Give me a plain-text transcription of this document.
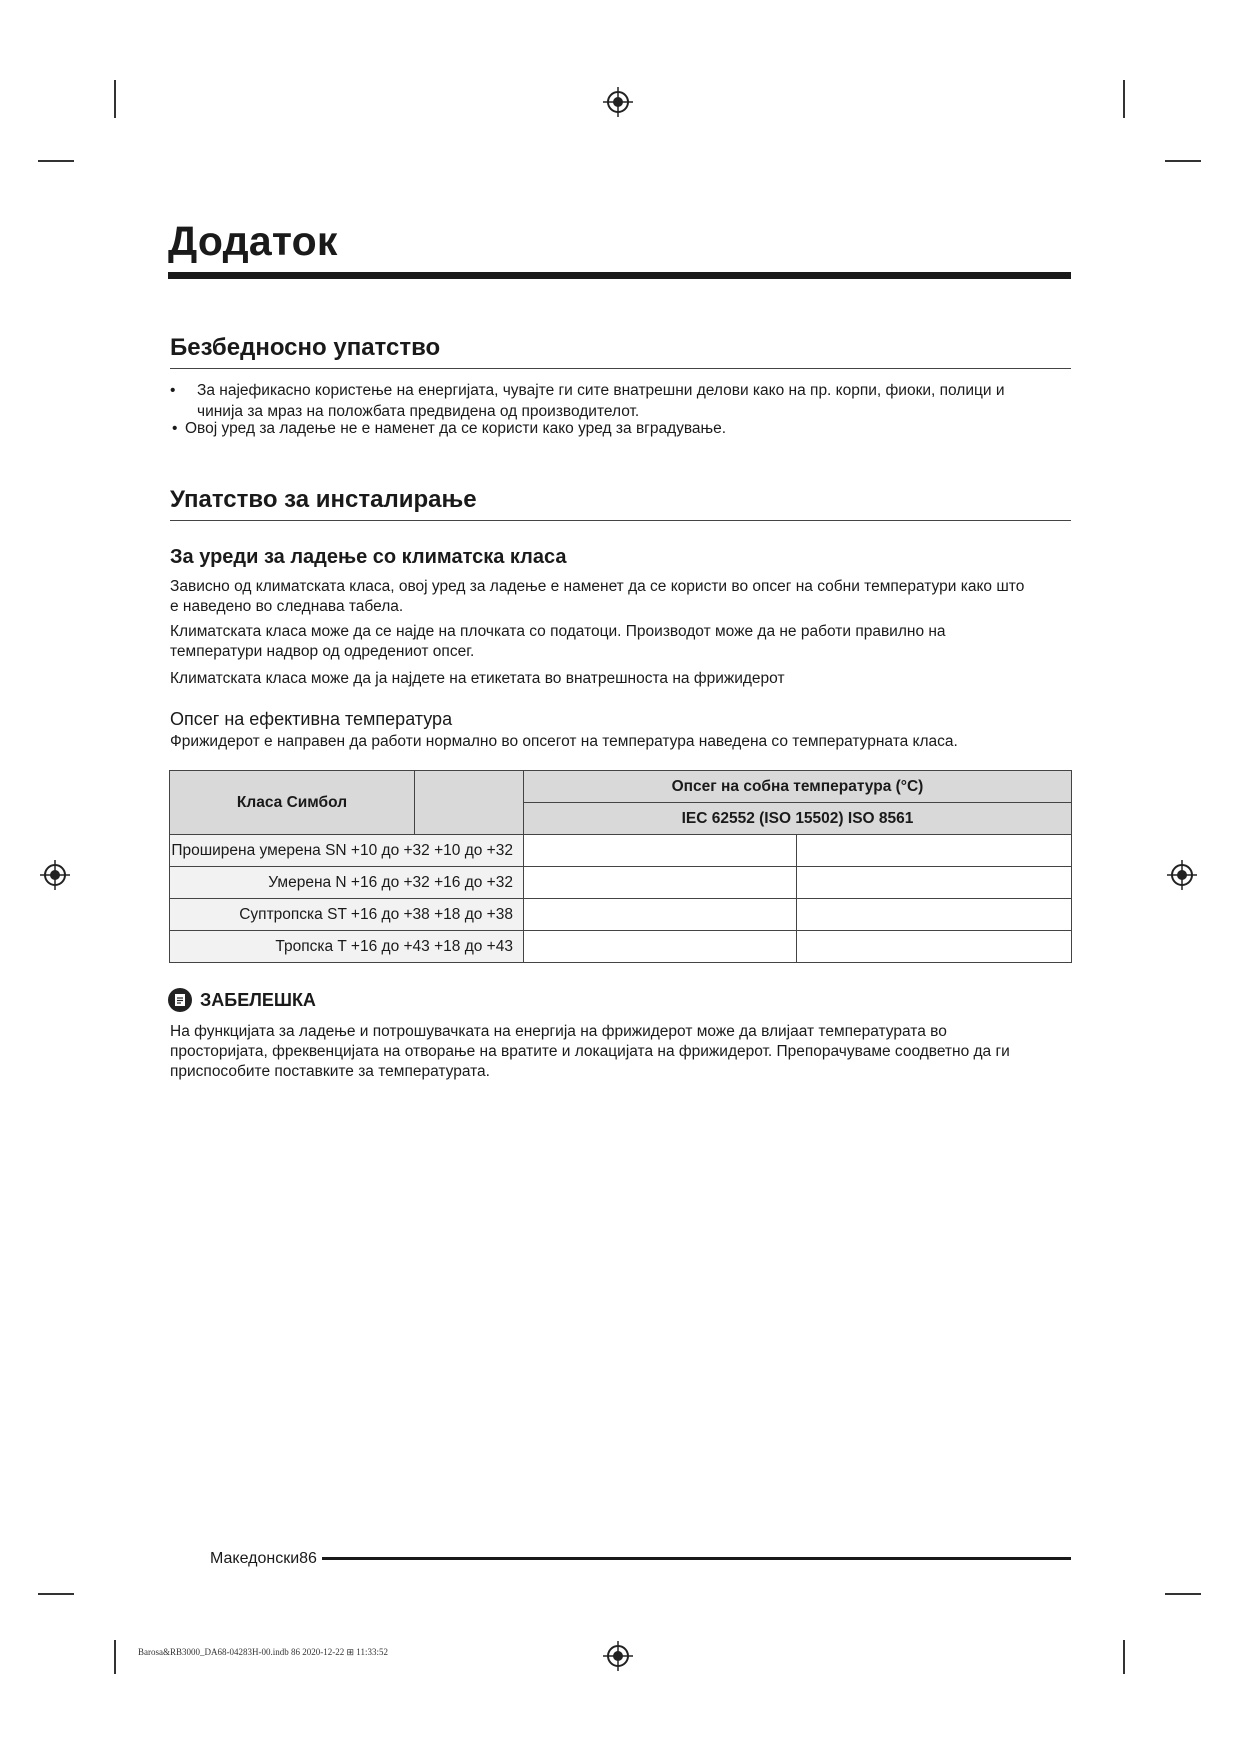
Додаток
Безбедносно упатство
• За најефикасно користење на енергијата, чувајте ги сите внатрешни делови како на пр. корпи, фиоки, полици и
чинија за мраз на положбата предвидена од производителот.
• Овој уред за ладење не е наменет да се користи како уред за вградување.
Упатство за инсталирање
За уреди за ладење со климатска класа
Зависно од климатската класа, овој уред за ладење е наменет да се користи во опсег на собни температури како што
е наведено во следнава табела.
Климатската класа може да се најде на плочката со податоци. Производот може да не работи правилно на
температури надвор од одредениот опсег.
Климатската класа може да ја најдете на етикетата во внатрешноста на фрижидерот
Опсег на ефективна температура
Фрижидерот е направен да работи нормално во опсегот на температура наведена со температурната класа.
Класа Симбол		Опсег на собна температура (°C)	
		IEC 62552 (ISO 15502) ISO 8561	
Проширена умерена SN +10 до +32 +10 до +32			
Умерена N +16 до +32 +16 до +32			
Суптропска ST +16 до +38 +18 до +38			
Тропска T +16 до +43 +18 до +43			
ЗАБЕЛЕШКА
На функцијата за ладење и потрошувачката на енергија на фрижидерот може да влијаат температурата во
просторијата, фреквенцијата на отворање на вратите и локацијата на фрижидерот. Препорачуваме соодветно да ги
приспособите поставките за температурата.
Македонски86
Barosa&RB3000_DA68-04283H-00.indb 86 2020-12-22 ⊞ 11:33:52
